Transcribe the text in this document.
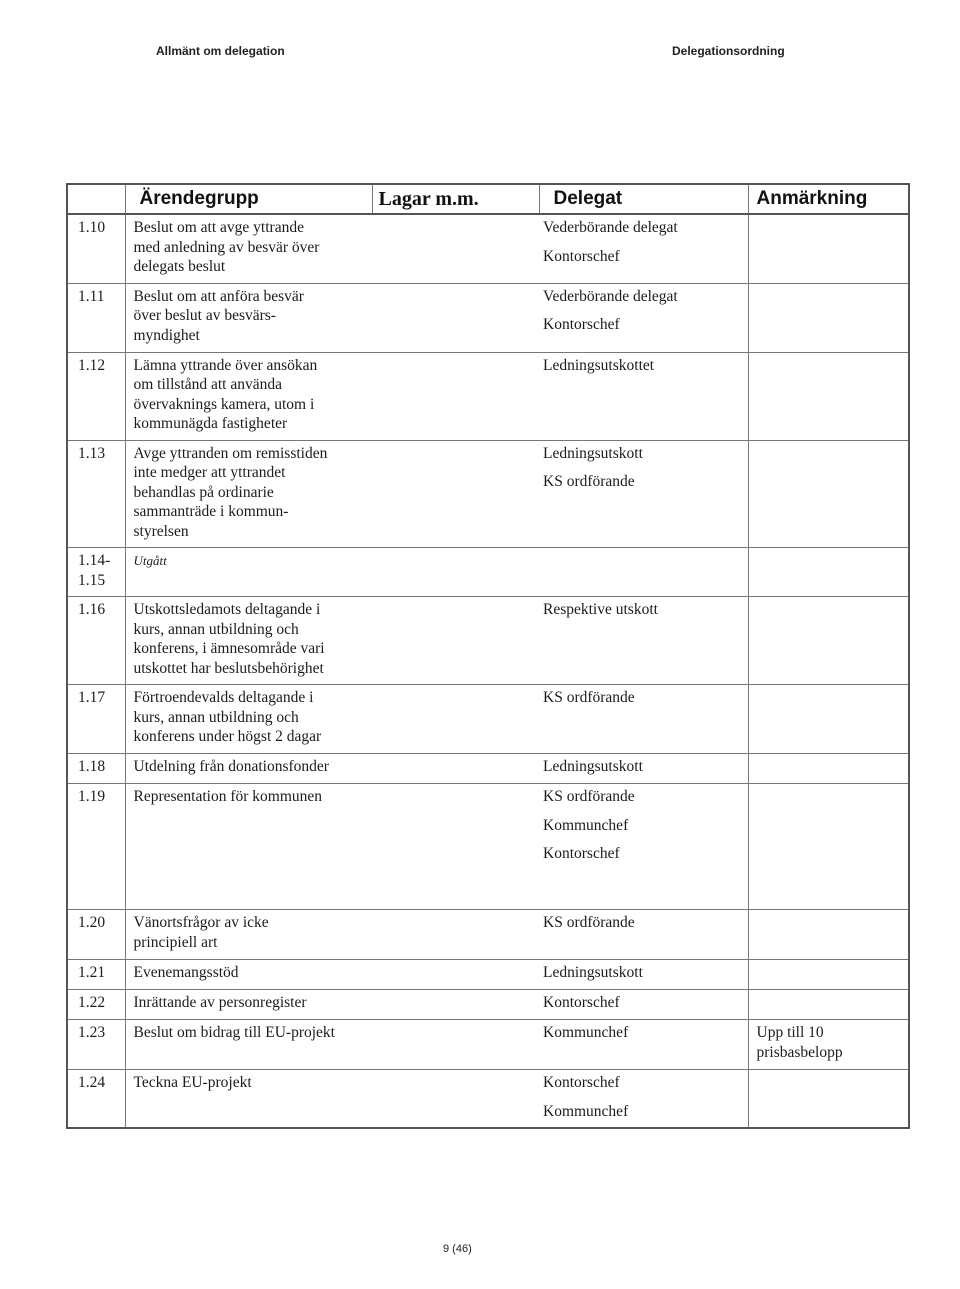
Allmänt om delegation	Delegationsordning
	Ärendegrupp	Lagar m.m.	Delegat	Anmärkning
1.10	Beslut om att avge yttrande
med anledning av besvär över
delegats beslut		Vederbörande delegat
Kontorschef	

1.11	Beslut om att anföra besvär
över beslut av besvärs-
myndighet		Vederbörande delegat
Kontorschef	

1.12	Lämna yttrande över ansökan
om tillstånd att använda
övervaknings kamera, utom i
kommunägda fastigheter		Ledningsutskottet	

1.13	Avge yttranden om remisstiden
inte medger att yttrandet
behandlas på ordinarie
sammanträde i kommun-
styrelsen		Ledningsutskott
KS ordförande	

1.14-
1.15	Utgått			

1.16	Utskottsledamots deltagande i
kurs, annan utbildning och
konferens, i ämnesområde vari
utskottet har beslutsbehörighet		Respektive utskott	

1.17	Förtroendevalds deltagande i
kurs, annan utbildning och
konferens under högst 2 dagar		KS ordförande	

1.18	Utdelning från donationsfonder		Ledningsutskott	

1.19	Representation för kommunen		KS ordförande
Kommunchef
Kontorschef	

1.20	Vänortsfrågor av icke
principiell art		KS ordförande	

1.21	Evenemangsstöd		Ledningsutskott	

1.22	Inrättande av personregister		Kontorschef	

1.23	Beslut om bidrag till EU-projekt		Kommunchef	Upp till 10
prisbasbelopp

1.24	Teckna EU-projekt		Kontorschef
Kommunchef	

9 (46)
